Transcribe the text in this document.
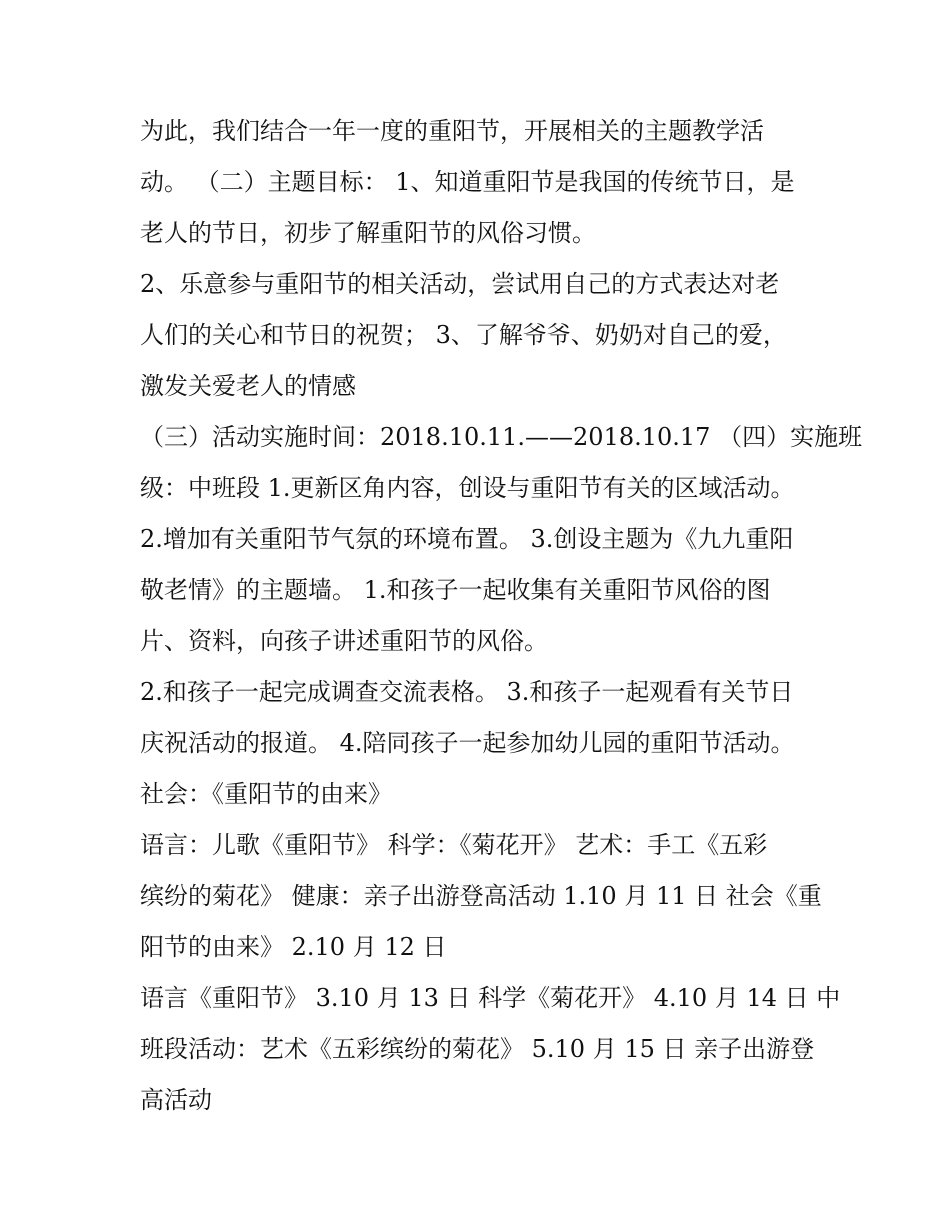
为此，我们结合一年一度的重阳节，开展相关的主题教学活
动。 （二）主题目标： 1、知道重阳节是我国的传统节日，是
老人的节日，初步了解重阳节的风俗习惯。
2、乐意参与重阳节的相关活动，尝试用自己的方式表达对老
人们的关心和节日的祝贺； 3、了解爷爷、奶奶对自己的爱，
激发关爱老人的情感
（三）活动实施时间：2018.10.11.——2018.10.17 （四）实施班
级：中班段 1.更新区角内容，创设与重阳节有关的区域活动。
2.增加有关重阳节气氛的环境布置。 3.创设主题为《九九重阳
敬老情》的主题墙。 1.和孩子一起收集有关重阳节风俗的图
片、资料，向孩子讲述重阳节的风俗。
2.和孩子一起完成调查交流表格。 3.和孩子一起观看有关节日
庆祝活动的报道。 4.陪同孩子一起参加幼儿园的重阳节活动。
社会：《重阳节的由来》
语言：儿歌《重阳节》 科学：《菊花开》 艺术：手工《五彩
缤纷的菊花》 健康：亲子出游登高活动 1.10 月 11 日 社会《重
阳节的由来》 2.10 月 12 日
语言《重阳节》 3.10 月 13 日 科学《菊花开》 4.10 月 14 日 中
班段活动：艺术《五彩缤纷的菊花》 5.10 月 15 日 亲子出游登
高活动
